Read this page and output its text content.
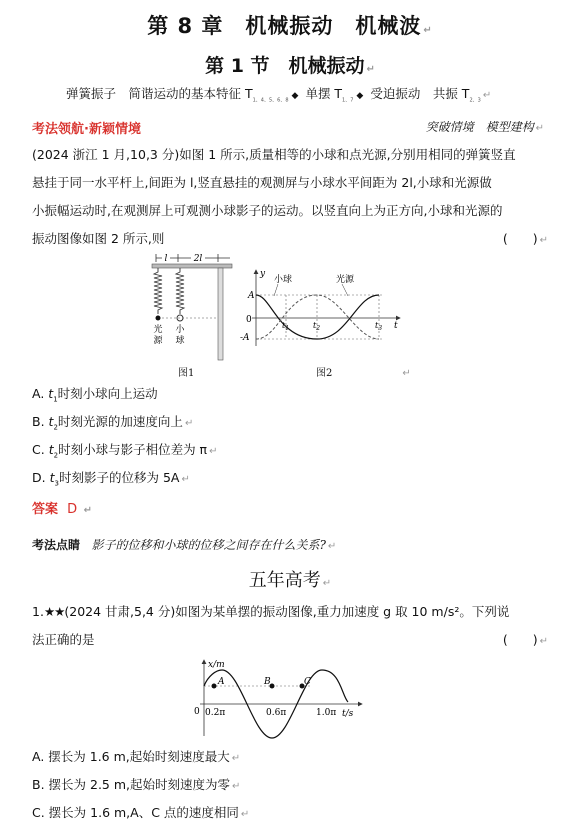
第 8 章　机械振动　机械波 ↵
第 1 节　机械振动 ↵
弹簧振子　简谐运动的基本特征 $T_{1、4、5、6、8}$ ◆ 单摆 $T_{1、7}$ ◆ 受迫振动　共振 $T_{2、3}$ ↵
考法领航·新颖情境	突破情境　模型建构 ↵

(2024 浙江 1 月,10,3 分)如图 1 所示,质量相等的小球和点光源,分别用相同的弹簧竖直

悬挂于同一水平杆上,间距为 l,竖直悬挂的观测屏与小球水平间距为 2l,小球和光源做

小振幅运动时,在观测屏上可观测小球影子的运动。以竖直向上为正方向,小球和光源的

振动图像如图 2 所示,则	(　　) ↵

l	2l
光
源
小
球
图1
y
t
A
-A
0
小球	光源
$t_1$	$t_2$	$t_3$
图2	↵
A. $t_1$时刻小球向上运动
B. $t_2$时刻光源的加速度向上 ↵
C. $t_2$时刻小球与影子相位差为 π ↵
D. $t_3$时刻影子的位移为 5A ↵
答案 D ↵
考法点睛 影子的位移和小球的位移之间存在什么关系? ↵
五年高考 ↵

1.★★(2024 甘肃,5,4 分)如图为某单摆的振动图像,重力加速度 g 取 10 m/s²。下列说

法正确的是	(　　) ↵

x/m
t/s
0 0.2π	0.6π	1.0π
A	B	C
A. 摆长为 1.6 m,起始时刻速度最大 ↵
B. 摆长为 2.5 m,起始时刻速度为零 ↵
C. 摆长为 1.6 m,A、C 点的速度相同 ↵
